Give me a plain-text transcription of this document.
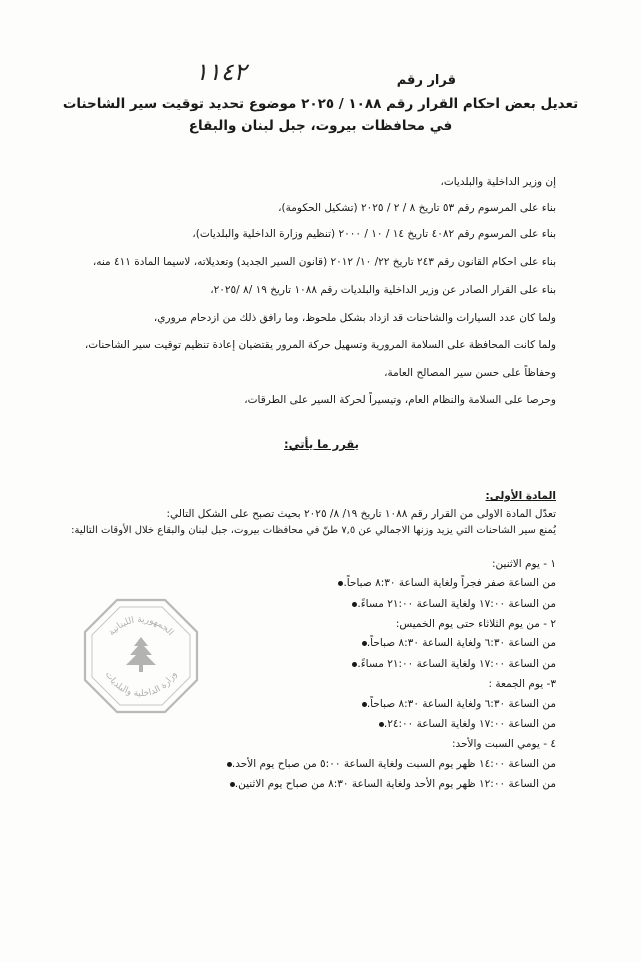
١١٤٢	قرار رقم
تعديل بعض احكام القرار رقم ١٠٨٨ / ٢٠٢٥ موضوع تحديد توقيت سير الشاحنات
في محافظات بيروت، جبل لبنان والبقاع
إن وزير الداخلية والبلديات،
بناء على المرسوم رقم ٥٣ تاريخ ٨ / ٢ / ٢٠٢٥ (تشكيل الحكومة)،
بناء على المرسوم رقم ٤٠٨٢ تاريخ ١٤ / ١٠ / ٢٠٠٠ (تنظيم وزارة الداخلية والبلديات)،
بناء على احكام القانون رقم ٢٤٣ تاريخ ٢٢/ ١٠/ ٢٠١٢ (قانون السير الجديد) وتعديلاته، لاسيما المادة ٤١١ منه،
بناء على القرار الصادر عن وزير الداخلية والبلديات رقم ١٠٨٨ تاريخ ١٩ /٨ /٢٠٢٥،
ولما كان عدد السيارات والشاحنات قد ازداد بشكل ملحوظ، وما رافق ذلك من ازدحام مروري،
ولما كانت المحافظة على السلامة المرورية وتسهيل حركة المرور يقتضيان إعادة تنظيم توقيت سير الشاحنات،
وحفاظاً على حسن سير المصالح العامة،
وحرصا على السلامة والنظام العام، وتيسيراً لحركة السير على الطرقات،
يقرر ما يأتي:
المادة الأولى:
تعدّل المادة الاولى من القرار رقم ١٠٨٨ تاريخ ١٩/ ٨/ ٢٠٢٥ بحيث تصبح على الشكل التالي:
يُمنع سير الشاحنات التي يزيد وزنها الاجمالي عن ٧,٥ طنّ في محافظات بيروت، جبل لبنان والبقاع خلال الأوقات التالية:
١ - يوم الاثنين:
من الساعة صفر فجراً ولغاية الساعة ٨:٣٠ صباحاً.
من الساعة ١٧:٠٠ ولغاية الساعة ٢١:٠٠ مساءً.
٢ - من يوم الثلاثاء حتى يوم الخميس:
من الساعة ٦:٣٠ ولغاية الساعة ٨:٣٠ صباحاً.
من الساعة ١٧:٠٠ ولغاية الساعة ٢١:٠٠ مساءً.
٣- يوم الجمعة :
من الساعة ٦:٣٠ ولغاية الساعة ٨:٣٠ صباحاً.
من الساعة ١٧:٠٠ ولغاية الساعة ٢٤:٠٠.
٤ - يومي السبت والأحد:
من الساعة ١٤:٠٠ ظهر يوم السبت ولغاية الساعة ٥:٠٠ من صباح يوم الأحد.
من الساعة ١٢:٠٠ ظهر يوم الأحد ولغاية الساعة ٨:٣٠ من صباح يوم الاثنين.
الجمهورية اللبنانية
وزارة الداخلية والبلديات
